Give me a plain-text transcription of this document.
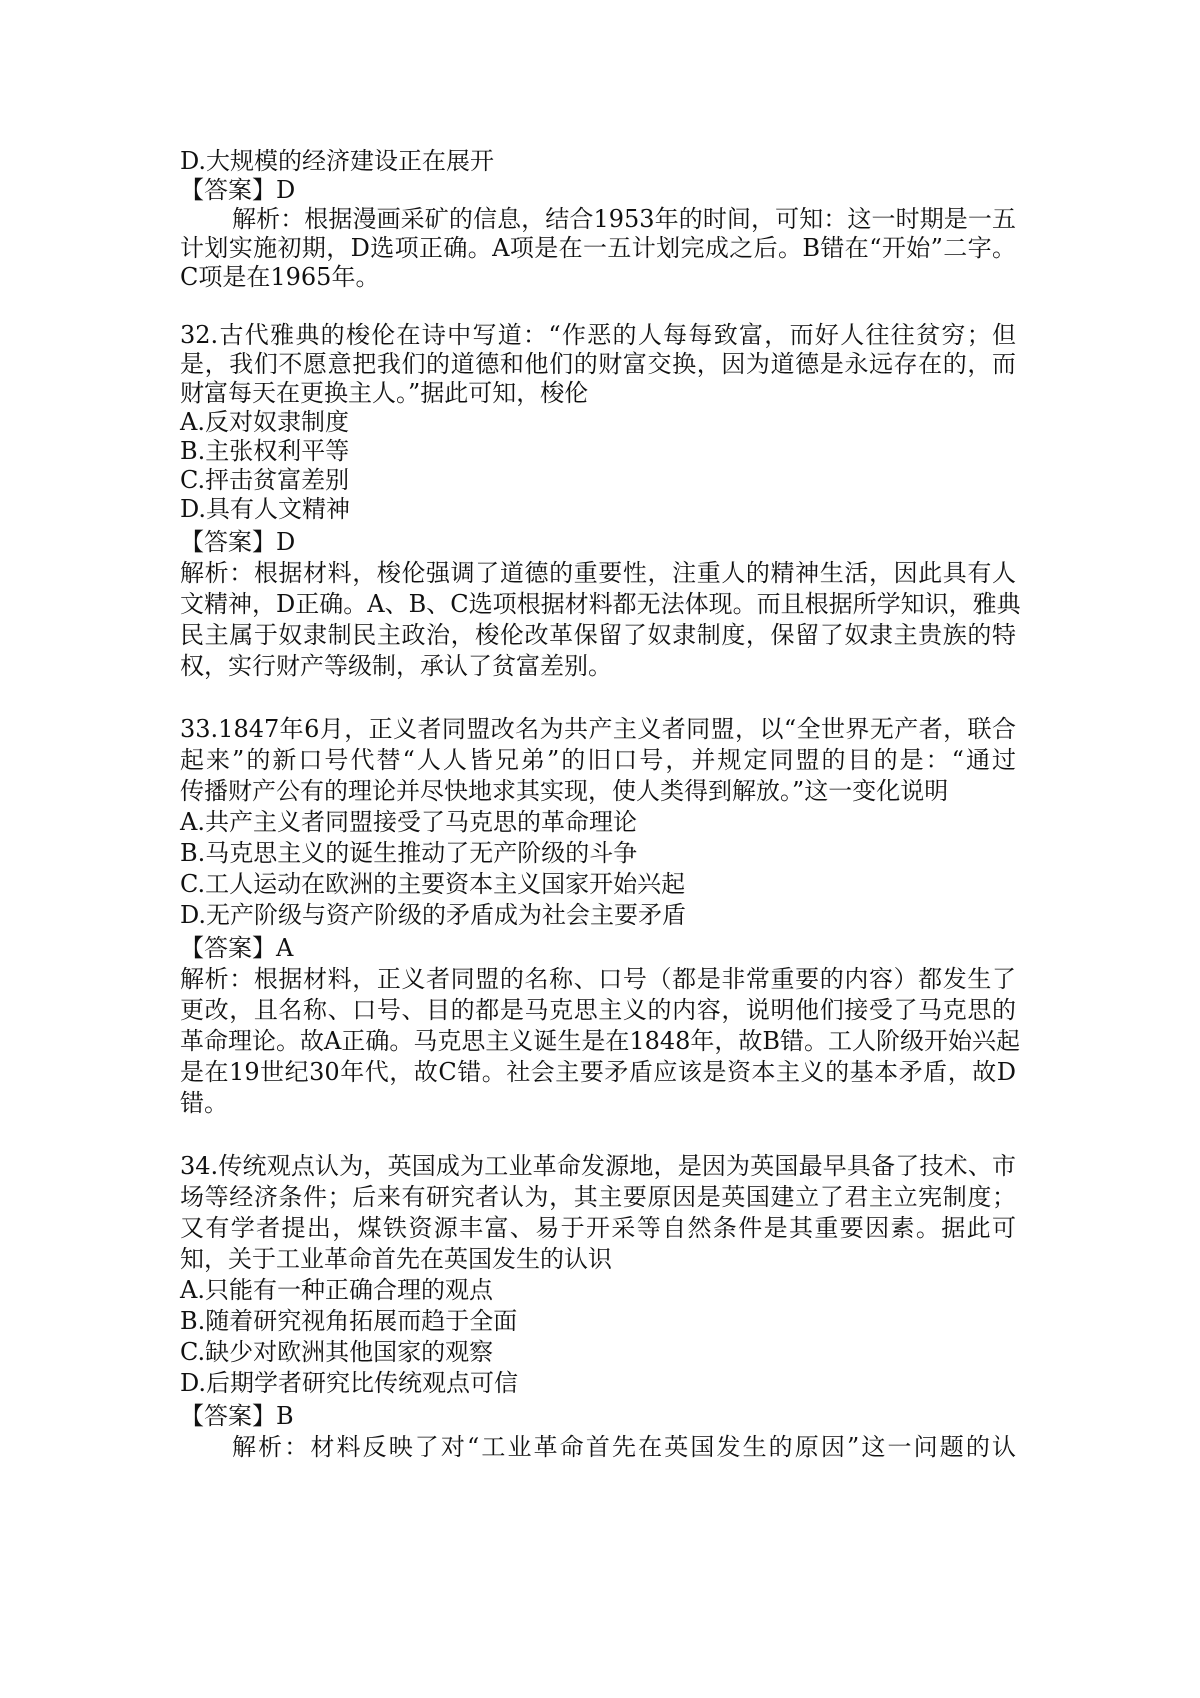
D.大规模的经济建设正在展开
【答案】D
解析：根据漫画采矿的信息，结合1953年的时间，可知：这一时期是一五
计划实施初期，D选项正确。A项是在一五计划完成之后。B错在“开始”二字。
C项是在1965年。
32.古代雅典的梭伦在诗中写道：“作恶的人每每致富，而好人往往贫穷；但
是，我们不愿意把我们的道德和他们的财富交换，因为道德是永远存在的，而
财富每天在更换主人。”据此可知，梭伦
A.反对奴隶制度
B.主张权利平等
C.抨击贫富差别
D.具有人文精神
【答案】D
解析：根据材料，梭伦强调了道德的重要性，注重人的精神生活，因此具有人
文精神，D正确。A、B、C选项根据材料都无法体现。而且根据所学知识，雅典
民主属于奴隶制民主政治，梭伦改革保留了奴隶制度，保留了奴隶主贵族的特
权，实行财产等级制，承认了贫富差别。
33.1847年6月，正义者同盟改名为共产主义者同盟，以“全世界无产者，联合
起来”的新口号代替“人人皆兄弟”的旧口号，并规定同盟的目的是：“通过
传播财产公有的理论并尽快地求其实现，使人类得到解放。”这一变化说明
A.共产主义者同盟接受了马克思的革命理论
B.马克思主义的诞生推动了无产阶级的斗争
C.工人运动在欧洲的主要资本主义国家开始兴起
D.无产阶级与资产阶级的矛盾成为社会主要矛盾
【答案】A
解析：根据材料，正义者同盟的名称、口号（都是非常重要的内容）都发生了
更改，且名称、口号、目的都是马克思主义的内容，说明他们接受了马克思的
革命理论。故A正确。马克思主义诞生是在1848年，故B错。工人阶级开始兴起
是在19世纪30年代，故C错。社会主要矛盾应该是资本主义的基本矛盾，故D
错。
34.传统观点认为，英国成为工业革命发源地，是因为英国最早具备了技术、市
场等经济条件；后来有研究者认为，其主要原因是英国建立了君主立宪制度；
又有学者提出，煤铁资源丰富、易于开采等自然条件是其重要因素。据此可
知，关于工业革命首先在英国发生的认识
A.只能有一种正确合理的观点
B.随着研究视角拓展而趋于全面
C.缺少对欧洲其他国家的观察
D.后期学者研究比传统观点可信
【答案】B
解析：材料反映了对“工业革命首先在英国发生的原因”这一问题的认
